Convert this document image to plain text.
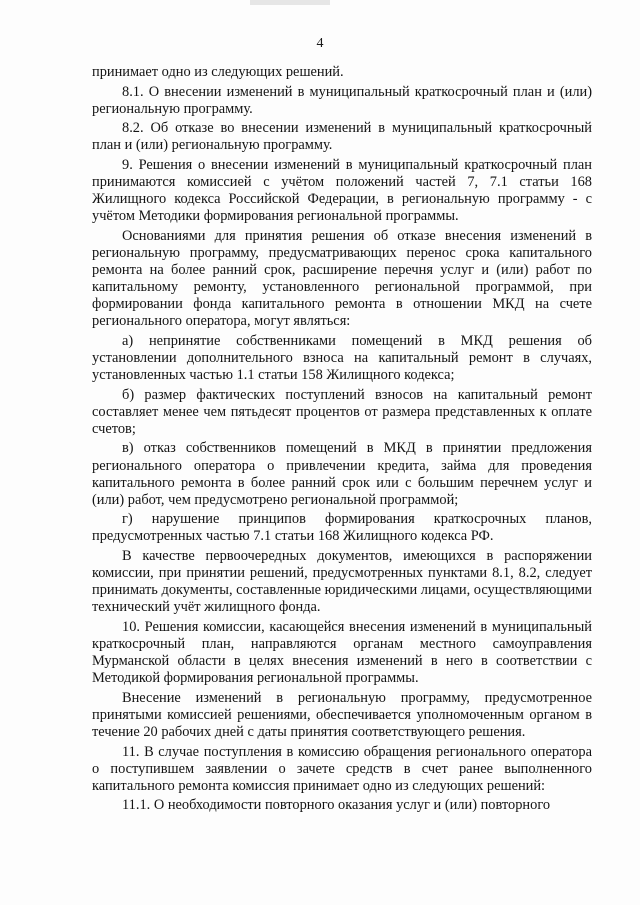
4

принимает одно из следующих решений.

8.1. О внесении изменений в муниципальный краткосрочный план и (или) региональную программу.

8.2. Об отказе во внесении изменений в муниципальный краткосрочный план и (или) региональную программу.

9. Решения о внесении изменений в муниципальный краткосрочный план принимаются комиссией с учётом положений частей 7, 7.1 статьи 168 Жилищного кодекса Российской Федерации, в региональную программу - с учётом Методики формирования региональной программы.

Основаниями для принятия решения об отказе внесения изменений в региональную программу, предусматривающих перенос срока капитального ремонта на более ранний срок, расширение перечня услуг и (или) работ по капитальному ремонту, установленного региональной программой, при формировании фонда капитального ремонта в отношении МКД на счете регионального оператора, могут являться:

а) непринятие собственниками помещений в МКД решения об установлении дополнительного взноса на капитальный ремонт в случаях, установленных частью 1.1 статьи 158 Жилищного кодекса;

б) размер фактических поступлений взносов на капитальный ремонт составляет менее чем пятьдесят процентов от размера представленных к оплате счетов;

в) отказ собственников помещений в МКД в принятии предложения регионального оператора о привлечении кредита, займа для проведения капитального ремонта в более ранний срок или с большим перечнем услуг и (или) работ, чем предусмотрено региональной программой;

г) нарушение принципов формирования краткосрочных планов, предусмотренных частью 7.1 статьи 168 Жилищного кодекса РФ.

В качестве первоочередных документов, имеющихся в распоряжении комиссии, при принятии решений, предусмотренных пунктами 8.1, 8.2, следует принимать документы, составленные юридическими лицами, осуществляющими технический учёт жилищного фонда.

10. Решения комиссии, касающейся внесения изменений в муниципальный краткосрочный план, направляются органам местного самоуправления Мурманской области в целях внесения изменений в него в соответствии с Методикой формирования региональной программы.

Внесение изменений в региональную программу, предусмотренное принятыми комиссией решениями, обеспечивается уполномоченным органом в течение 20 рабочих дней с даты принятия соответствующего решения.

11. В случае поступления в комиссию обращения регионального оператора о поступившем заявлении о зачете средств в счет ранее выполненного капитального ремонта комиссия принимает одно из следующих решений:

11.1. О необходимости повторного оказания услуг и (или) повторного
